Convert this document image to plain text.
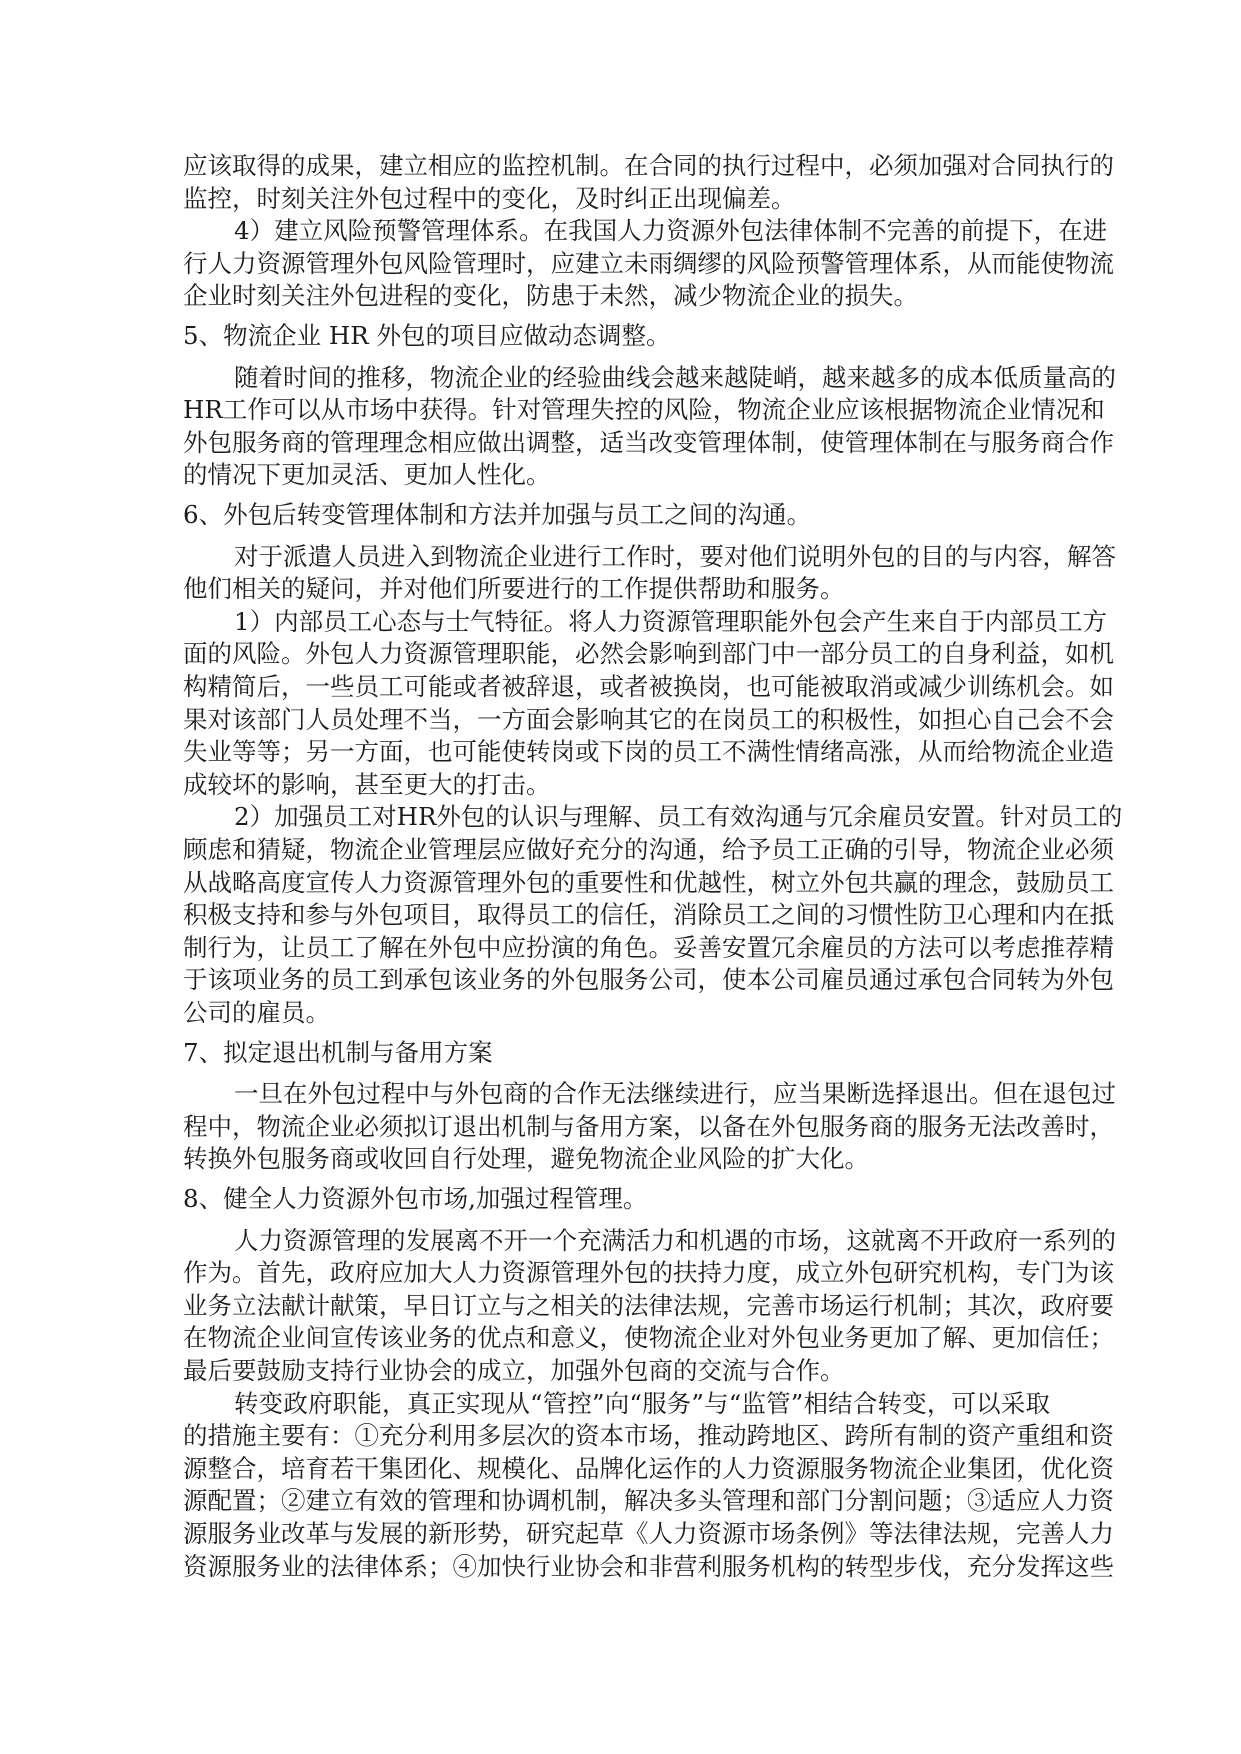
应该取得的成果，建立相应的监控机制。在合同的执行过程中，必须加强对合同执行的
监控，时刻关注外包过程中的变化，及时纠正出现偏差。
4）建立风险预警管理体系。在我国人力资源外包法律体制不完善的前提下，在进
行人力资源管理外包风险管理时，应建立未雨绸缪的风险预警管理体系，从而能使物流
企业时刻关注外包进程的变化，防患于未然，减少物流企业的损失。
5、物流企业 HR 外包的项目应做动态调整。
随着时间的推移，物流企业的经验曲线会越来越陡峭，越来越多的成本低质量高的
HR工作可以从市场中获得。针对管理失控的风险，物流企业应该根据物流企业情况和
外包服务商的管理理念相应做出调整，适当改变管理体制，使管理体制在与服务商合作
的情况下更加灵活、更加人性化。
6、外包后转变管理体制和方法并加强与员工之间的沟通。
对于派遣人员进入到物流企业进行工作时，要对他们说明外包的目的与内容，解答
他们相关的疑问，并对他们所要进行的工作提供帮助和服务。
1）内部员工心态与士气特征。将人力资源管理职能外包会产生来自于内部员工方
面的风险。外包人力资源管理职能，必然会影响到部门中一部分员工的自身利益，如机
构精简后，一些员工可能或者被辞退，或者被换岗，也可能被取消或减少训练机会。如
果对该部门人员处理不当，一方面会影响其它的在岗员工的积极性，如担心自己会不会
失业等等；另一方面，也可能使转岗或下岗的员工不满性情绪高涨，从而给物流企业造
成较坏的影响，甚至更大的打击。
2）加强员工对HR外包的认识与理解、员工有效沟通与冗余雇员安置。针对员工的
顾虑和猜疑，物流企业管理层应做好充分的沟通，给予员工正确的引导，物流企业必须
从战略高度宣传人力资源管理外包的重要性和优越性，树立外包共赢的理念，鼓励员工
积极支持和参与外包项目，取得员工的信任，消除员工之间的习惯性防卫心理和内在抵
制行为，让员工了解在外包中应扮演的角色。妥善安置冗余雇员的方法可以考虑推荐精
于该项业务的员工到承包该业务的外包服务公司，使本公司雇员通过承包合同转为外包
公司的雇员。
7、拟定退出机制与备用方案
一旦在外包过程中与外包商的合作无法继续进行，应当果断选择退出。但在退包过
程中，物流企业必须拟订退出机制与备用方案，以备在外包服务商的服务无法改善时，
转换外包服务商或收回自行处理，避免物流企业风险的扩大化。
8、健全人力资源外包市场,加强过程管理。
人力资源管理的发展离不开一个充满活力和机遇的市场，这就离不开政府一系列的
作为。首先，政府应加大人力资源管理外包的扶持力度，成立外包研究机构，专门为该
业务立法献计献策，早日订立与之相关的法律法规，完善市场运行机制；其次，政府要
在物流企业间宣传该业务的优点和意义，使物流企业对外包业务更加了解、更加信任；
最后要鼓励支持行业协会的成立，加强外包商的交流与合作。
转变政府职能，真正实现从“管控”向“服务”与“监管”相结合转变，可以采取
的措施主要有：①充分利用多层次的资本市场，推动跨地区、跨所有制的资产重组和资
源整合，培育若干集团化、规模化、品牌化运作的人力资源服务物流企业集团，优化资
源配置；②建立有效的管理和协调机制，解决多头管理和部门分割问题；③适应人力资
源服务业改革与发展的新形势，研究起草《人力资源市场条例》等法律法规，完善人力
资源服务业的法律体系；④加快行业协会和非营利服务机构的转型步伐，充分发挥这些
